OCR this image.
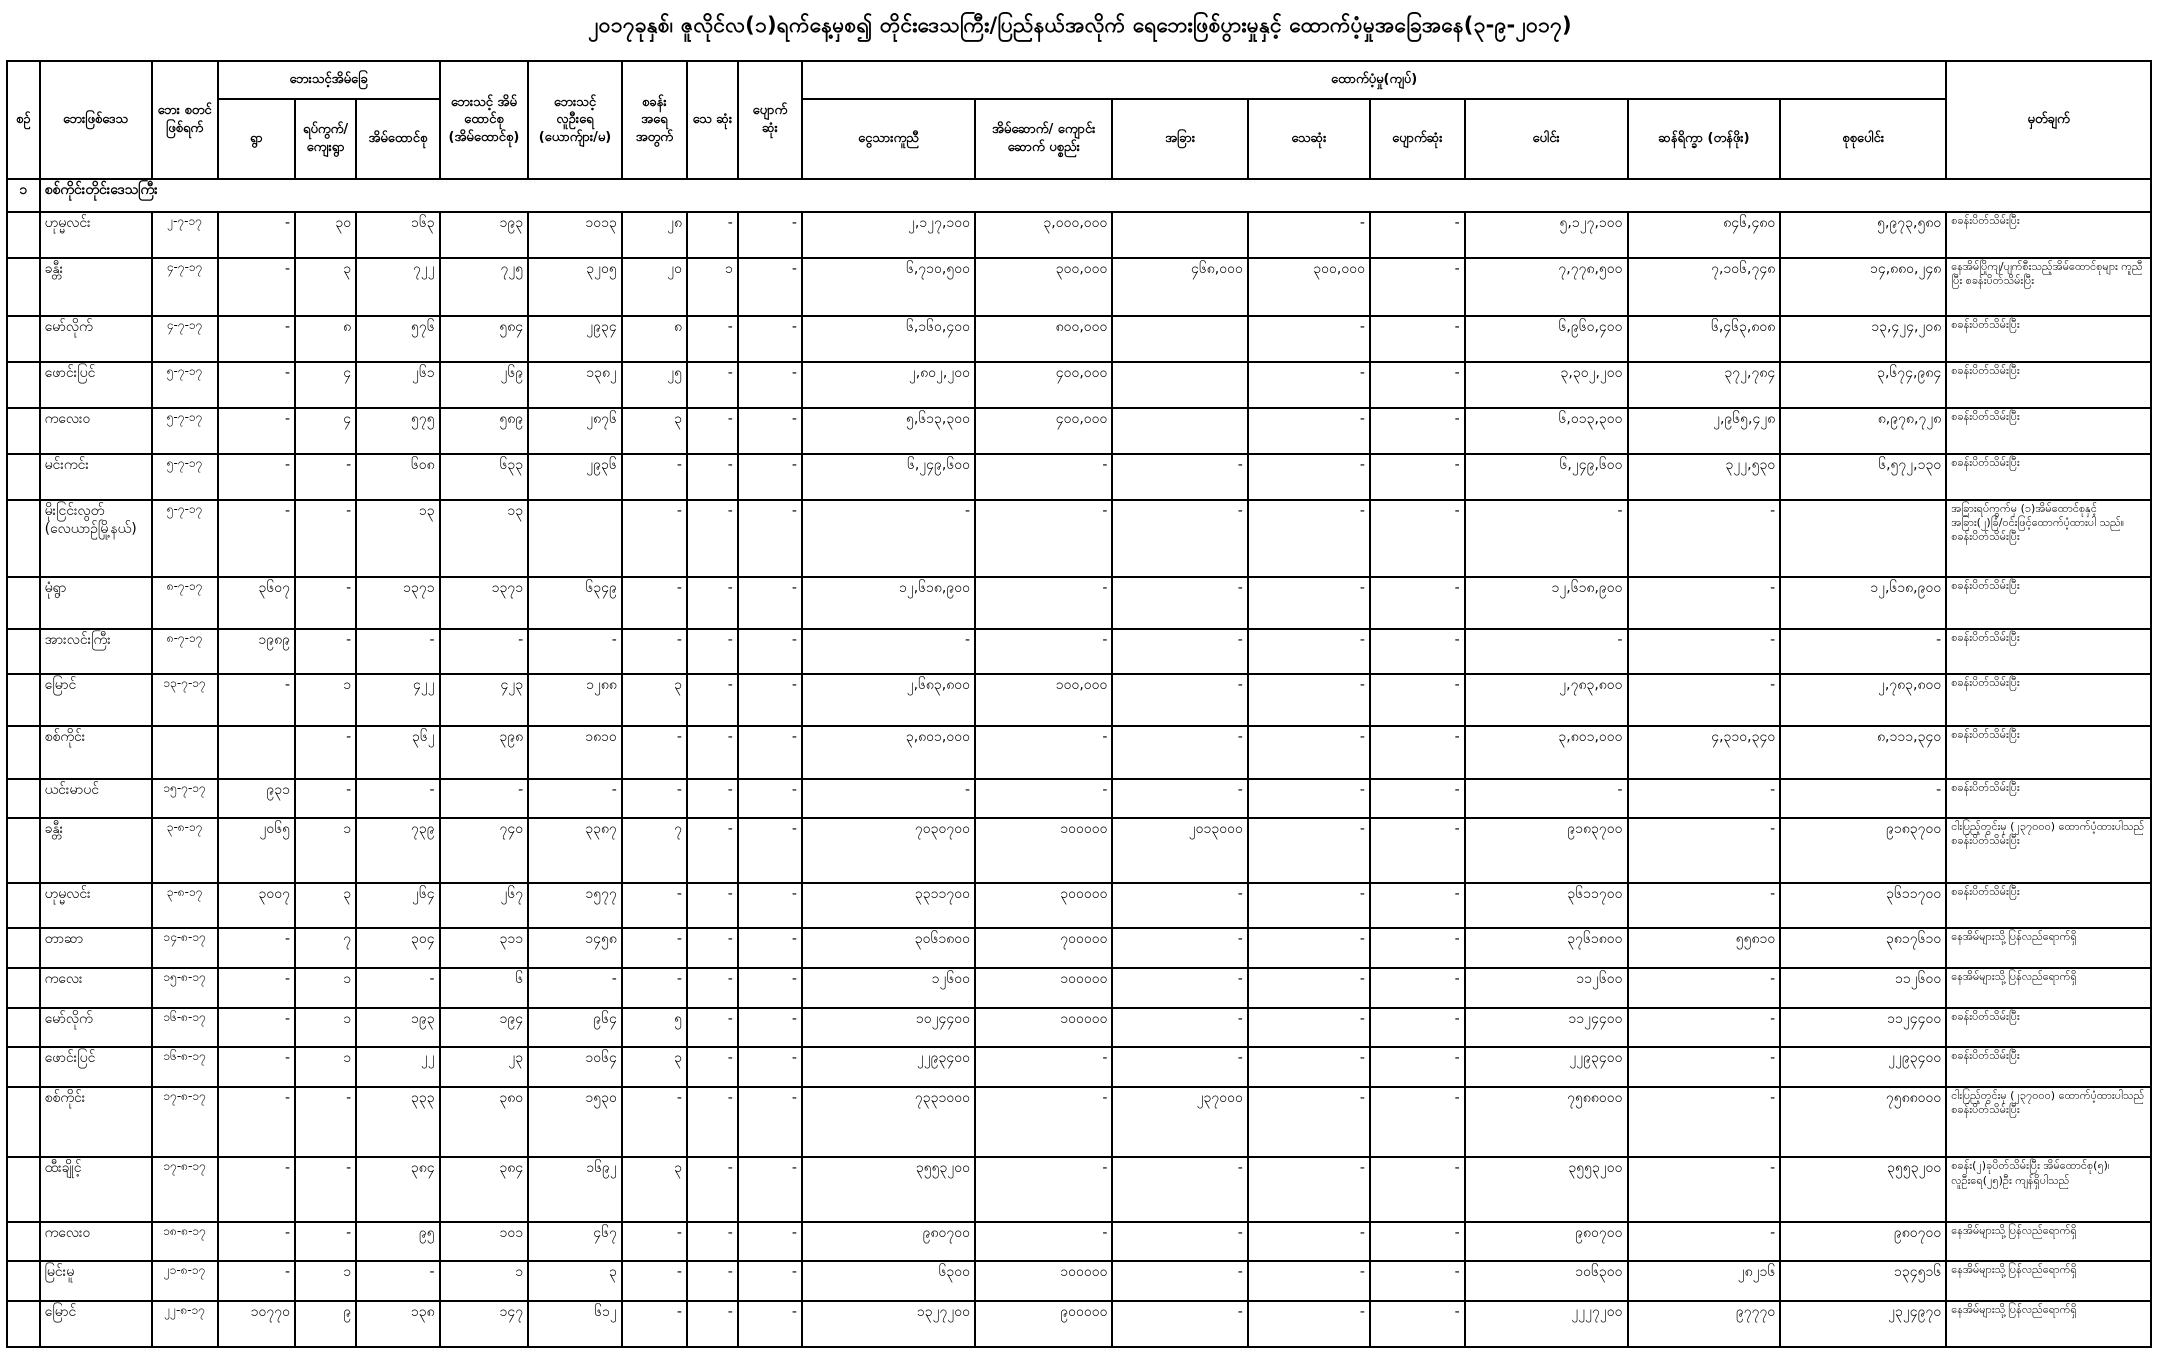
၂၀၁၇ခုနှစ်၊ ဇူလိုင်လ(၁)ရက်နေ့မှစ၍ တိုင်းဒေသကြီး/ပြည်နယ်အလိုက် ရေဘေးဖြစ်ပွားမှုနှင့် ထောက်ပံ့မှုအခြေအနေ(၃-၉-၂၀၁၇)
စဉ်	ဘေးဖြစ်ဒေသ	ဘေး စတင် ဖြစ်ရက်	ဘေးသင့်အိမ်ခြေ			ဘေးသင့် အိမ် ထောင်စု (အိမ်ထောင်စု)	ဘေးသင့် လူဦးရေ (ယောက်ျား/မ)	စခန်း အရေ အတွက်	သေ ဆုံး	ပျောက် ဆုံး	ထောက်ပံ့မှု(ကျပ်)								မှတ်ချက်
			ရွာ	ရပ်ကွက်/ ကျေးရွာ	အိမ်ထောင်စု						ငွေသားကူညီ	အိမ်ဆောက်/ ကျောင်းဆောက် ပစ္စည်း	အခြား	သေဆုံး	ပျောက်ဆုံး	ပေါင်း	ဆန်ရိက္ခာ (တန်ဖိုး)	စုစုပေါင်း	
၁	စစ်ကိုင်းတိုင်းဒေသကြီး																		
	ဟုမ္မလင်း	၂-၇-၁၇	-	၃၀	၁၆၃	၁၉၃	၁၀၁၃	၂၈	-	-	၂,၁၂၇,၁၀၀	၃,၀၀၀,၀၀၀		-	-	၅,၁၂၇,၁၀၀	၈၄၆,၄၈၀	၅,၉၇၃,၅၈၀	စခန်းပိတ်သိမ်းပြီး
	ခန္တီး	၄-၇-၁၇	-	၃	၇၂၂	၇၂၅	၃၂၀၅	၂၀	၁	-	၆,၇၁၀,၅၀၀	၃၀၀,၀၀၀	၄၆၈,၀၀၀	၃၀၀,၀၀၀	-	၇,၇၇၈,၅၀၀	၇,၁၀၆,၇၄၈	၁၄,၈၈၀,၂၄၈	နေအိမ်ပြိုကျ/ပျက်စီးသည့်အိမ်ထောင်စုများ ကူညီပြီး စခန်းပိတ်သိမ်းပြီး
	မော်လိုက်	၄-၇-၁၇	-	၈	၅၇၆	၅၈၄	၂၉၃၄	၈	-	-	၆,၁၆၀,၄၀၀	၈၀၀,၀၀၀		-	-	၆,၉၆၀,၄၀၀	၆,၄၆၃,၈၀၈	၁၃,၄၂၄,၂၀၈	စခန်းပိတ်သိမ်းပြီး
	ဖောင်းပြင်	၅-၇-၁၇	-	၄	၂၆၁	၂၆၉	၁၃၈၂	၂၅	-	-	၂,၈၀၂,၂၀၀	၄၀၀,၀၀၀		-	-	၃,၃၀၂,၂၀၀	၃၇၂,၇၈၄	၃,၆၇၄,၉၈၄	စခန်းပိတ်သိမ်းပြီး
	ကလေးဝ	၅-၇-၁၇	-	၄	၅၇၅	၅၈၉	၂၈၇၆	၃	-	-	၅,၆၁၃,၃၀၀	၄၀၀,၀၀၀		-	-	၆,၀၁၃,၃၀၀	၂,၉၆၅,၄၂၈	၈,၉၇၈,၇၂၈	စခန်းပိတ်သိမ်းပြီး
	မင်းကင်း	၅-၇-၁၇	-	-	၆၀၈	၆၃၃	၂၉၃၆	-	-	-	၆,၂၄၉,၆၀၀	-	-	-	-	၆,၂၄၉,၆၀၀	၃၂၂,၅၃၀	၆,၅၇၂,၁၃၀	စခန်းပိတ်သိမ်းပြီး
	မိုးငြင်းလွတ် (လေယာဉ်မြို့နယ်)	၅-၇-၁၇	-	-	၁၃	၁၃		-	-	-	-	-	-	-	-	-	-		အခြားရပ်ကွက်မှ (၁)အိမ်ထောင်စုနှင့် အခြား(၂)ခြံ/ဝင်းဖြင့်ထောက်ပံ့ထားပါ သည်။ စခန်းပိတ်သိမ်းပြီး
	မုံရွာ	၈-၇-၁၇	၃၆၀၇	-	၁၃၇၁	၁၃၇၁	၆၃၄၉	-	-	-	၁၂,၆၁၈,၉၀၀	-	-	-	-	၁၂,၆၁၈,၉၀၀	-	၁၂,၆၁၈,၉၀၀	စခန်းပိတ်သိမ်းပြီး
	အားလင်းကြီး	၈-၇-၁၇	၁၉၈၉	-	-	-	-	-	-	-	-	-	-	-	-	-	-	-	စခန်းပိတ်သိမ်းပြီး
	မြောင်	၁၃-၇-၁၇	-	၁	၄၂၂	၄၂၃	၁၂၈၈	၃	-	-	၂,၆၈၃,၈၀၀	၁၀၀,၀၀၀	-	-	-	၂,၇၈၃,၈၀၀	-	၂,၇၈၃,၈၀၀	စခန်းပိတ်သိမ်းပြီး
	စစ်ကိုင်း			-	၃၆၂	၃၉၈	၁၈၁၀	-	-	-	၃,၈၀၁,၀၀၀	-	-	-	-	၃,၈၀၁,၀၀၀	၄,၃၁၀,၃၄၀	၈,၁၁၁,၃၄၀	စခန်းပိတ်သိမ်းပြီး
	ယင်းမာပင်	၁၅-၇-၁၇	၉၃၁	-	-	-	-	-	-	-	-	-	-	-	-	-	-	-	စခန်းပိတ်သိမ်းပြီး
	ခန္တီး	၃-၈-၁၇	၂၀၆၅	၁	၇၃၉	၇၄၀	၃၃၈၇	၇	-	-	၇၀၃၀၇၀၀	၁၀၀၀၀၀	၂၀၁၃၀၀၀	-	-	၉၁၈၃၇၀၀	-	၉၁၈၃၇၀၀	ငါးပြည့်တွင်းမှ (၂၃၇၀၀၀) ထောက်ပံ့ထားပါသည် စခန်းပိတ်သိမ်းပြီး
	ဟုမ္မလင်း	၃-၈-၁၇	၃၀၀၇	၃	၂၆၄	၂၆၇	၁၅၇၇	-	-	-	၃၃၁၁၇၀၀	၃၀၀၀၀၀	-	-	-	၃၆၁၁၇၀၀	-	၃၆၁၁၇၀၀	စခန်းပိတ်သိမ်းပြီး
	တာဆာ	၁၄-၈-၁၇	-	၇	၃၀၄	၃၁၁	၁၄၅၈	-	-	-	၃၀၆၁၈၀၀	၇၀၀၀၀၀	-	-	-	၃၇၆၁၈၀၀	၅၅၈၁၀	၃၈၁၇၆၁၀	နေအိမ်များသို့ပြန်လည်ရောက်ရှိ
	ကလေး	၁၅-၈-၁၇	-	၁	-	၆	-	-	-	-	၁၂၆၀၀	၁၀၀၀၀၀	-	-	-	၁၁၂၆၀၀	-	၁၁၂၆၀၀	နေအိမ်များသို့ပြန်လည်ရောက်ရှိ
	မော်လိုက်	၁၆-၈-၁၇	-	၁	၁၉၃	၁၉၄	၉၆၄	၅	-	-	၁၀၂၄၄၀၀	၁၀၀၀၀၀	-	-	-	၁၁၂၄၄၀၀	-	၁၁၂၄၄၀၀	စခန်းပိတ်သိမ်းပြီး
	ဖောင်းပြင်	၁၆-၈-၁၇	-	၁	၂၂	၂၃	၁၀၆၄	၃	-	-	၂၂၉၃၄၀၀	-	-	-	-	၂၂၉၃၄၀၀	-	၂၂၉၃၄၀၀	စခန်းပိတ်သိမ်းပြီး
	စစ်ကိုင်း	၁၇-၈-၁၇	-	-	၃၃၃	၃၈၀	၁၅၃၀	-	-	-	၇၃၃၁၀၀၀	-	၂၃၇၀၀၀	-	-	၇၅၈၈၀၀၀	-	၇၅၈၈၀၀၀	ငါးပြည့်တွင်းမှ (၂၃၇၀၀၀) ထောက်ပံ့ထားပါသည် စခန်းပိတ်သိမ်းပြီး
	ထီးချိုင့်	၁၇-၈-၁၇	-	-	၃၈၄	၃၈၄	၁၆၉၂	၃	-	-	၃၅၅၃၂၀၀	-	-	-	-	၃၅၅၃၂၀၀	-	၃၅၅၃၂၀၀	စခန်း(၂)ခုပိတ်သိမ်းပြီး အိမ်ထောင်စု(၅)၊ လူဦးရေ(၂၅)ဦး ကျန်ရှိပါသည်
	ကလေးဝ	၁၈-၈-၁၇	-	-	၉၅	၁၀၁	၄၆၇	-	-	-	၉၈၀၇၀၀	-	-	-	-	၉၈၀၇၀၀	-	၉၈၀၇၀၀	နေအိမ်များသို့ပြန်လည်ရောက်ရှိ
	မြင်းမူ	၂၁-၈-၁၇	-	၁	-	၁	၃	-	-	-	၆၃၀၀	၁၀၀၀၀၀	-	-	-	၁၀၆၃၀၀	၂၈၂၁၆	၁၃၄၅၁၆	နေအိမ်များသို့ပြန်လည်ရောက်ရှိ
	မြောင်	၂၂-၈-၁၇	၁၀၇၇၀	၉	၁၃၈	၁၄၇	၆၁၂	-	-	-	၁၃၂၇၂၀၀	၉၀၀၀၀၀	-	-	-	၂၂၂၇၂၀၀	၉၇၇၇၀	၂၃၂၄၉၇၀	နေအိမ်များသို့ပြန်လည်ရောက်ရှိ
